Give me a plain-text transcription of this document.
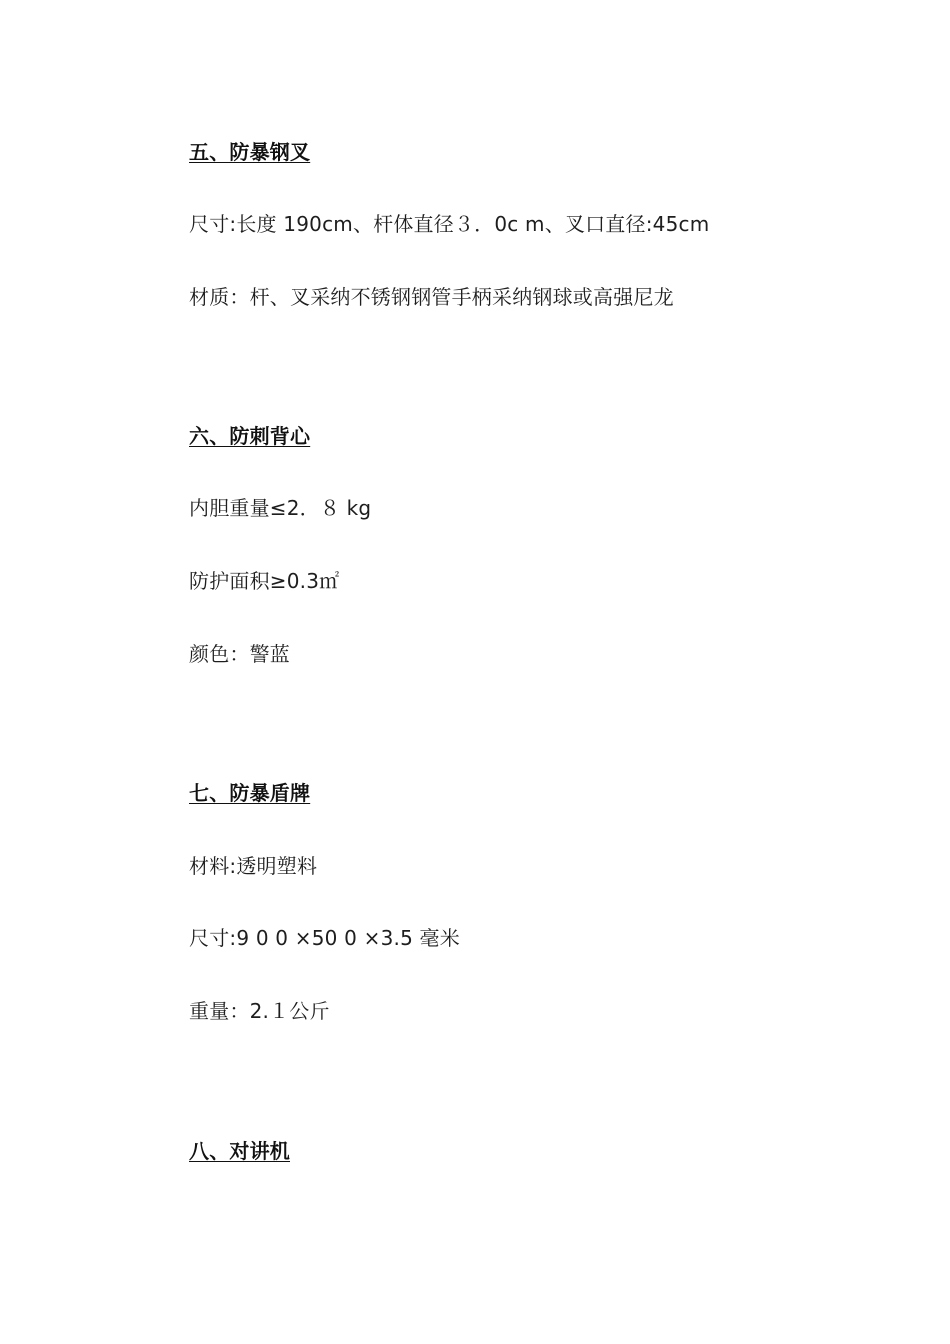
五、防暴钢叉
尺寸:长度 190cm、杆体直径３．0c m、叉口直径:45cm
材质：杆、叉采纳不锈钢钢管手柄采纳钢球或高强尼龙
六、防刺背心
内胆重量≤2．８ kg
防护面积≥0.3㎡
颜色：警蓝
七、防暴盾牌
材料:透明塑料
尺寸:9 0 0 ×50 0 ×3.5 毫米
重量：2.１公斤
八、对讲机
